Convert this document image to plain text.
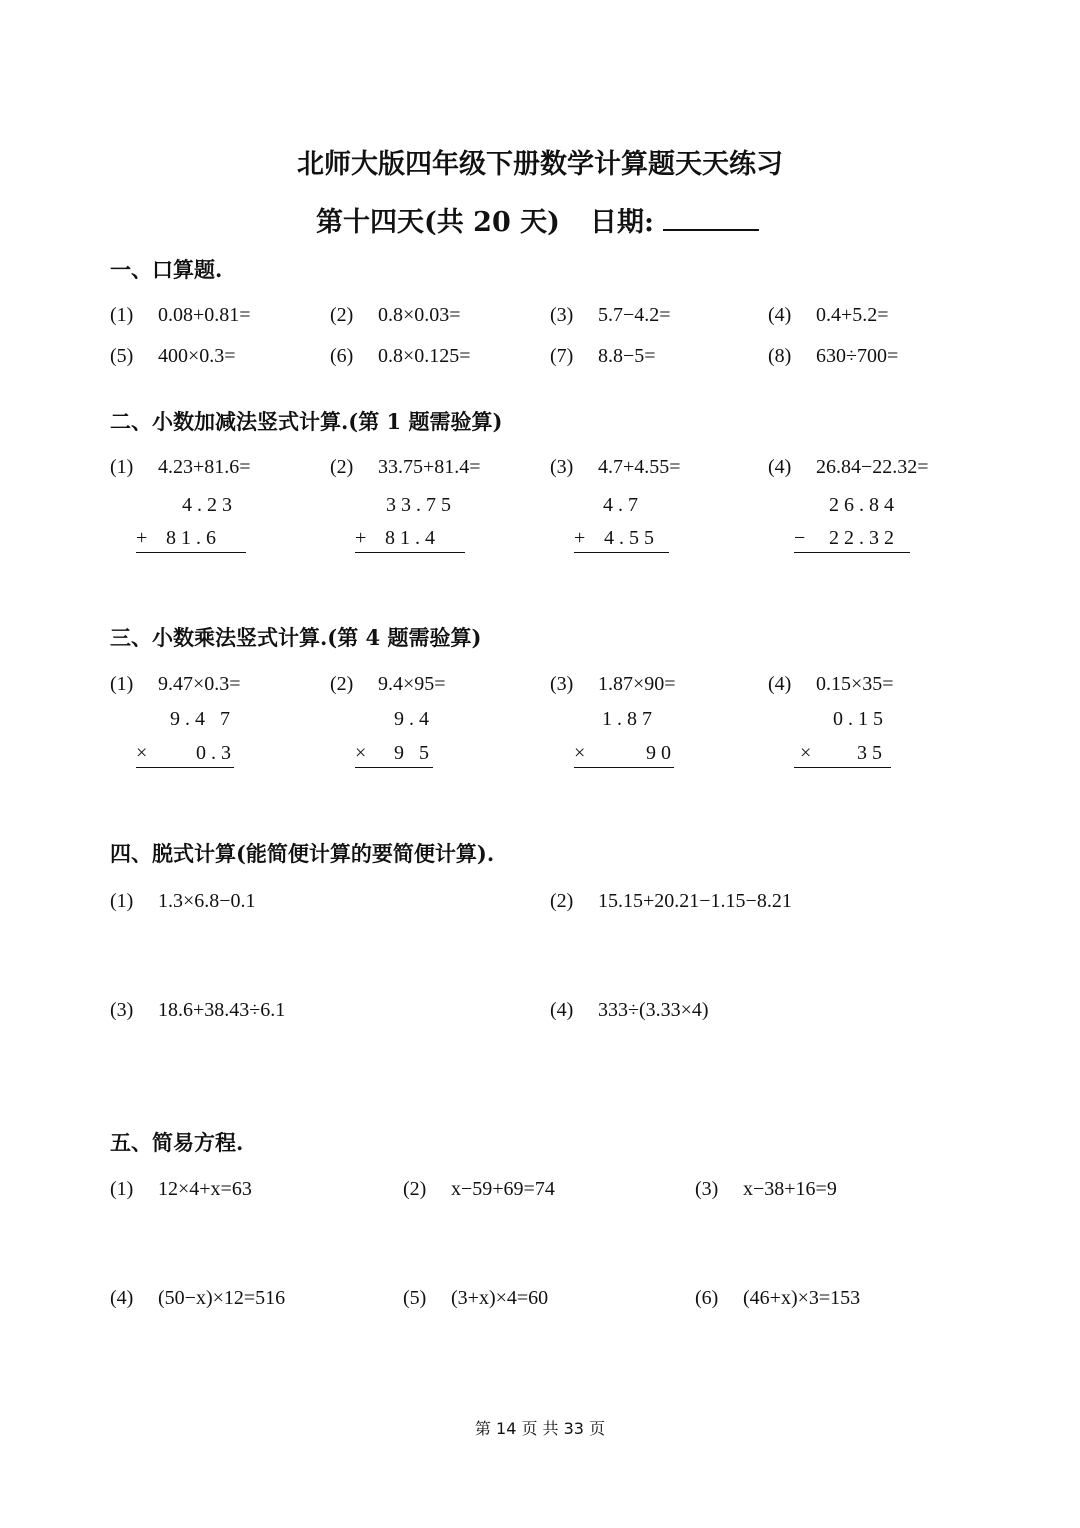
北师大版四年级下册数学计算题天天练习
第十四天(共 20 天) 日期:
一、口算题.
(1) 0.08+0.81=	(2) 0.8×0.03=	(3) 5.7−4.2=	(4) 0.4+5.2=
(5) 400×0.3=	(6) 0.8×0.125=	(7) 8.8−5=	(8) 630÷700=
二、小数加减法竖式计算.(第 1 题需验算)
(1) 4.23+81.6=	(2) 33.75+81.4=	(3) 4.7+4.55=	(4) 26.84−22.32=
4.23
+ 81.6
33.75
+ 81.4
4.7
+ 4.55
26.84
− 22.32
三、小数乘法竖式计算.(第 4 题需验算)
(1) 9.47×0.3=	(2) 9.4×95=	(3) 1.87×90=	(4) 0.15×35=
9.4 7
× 0.3
9.4
× 9 5
1.87
×	90
0.15
× 35
四、脱式计算(能简便计算的要简便计算).
(1) 1.3×6.8−0.1	(2) 15.15+20.21−1.15−8.21
(3) 18.6+38.43÷6.1	(4) 333÷(3.33×4)
五、简易方程.
(1) 12×4+x=63	(2) x−59+69=74	(3) x−38+16=9
(4) (50−x)×12=516	(5) (3+x)×4=60	(6) (46+x)×3=153
第 14 页 共 33 页
